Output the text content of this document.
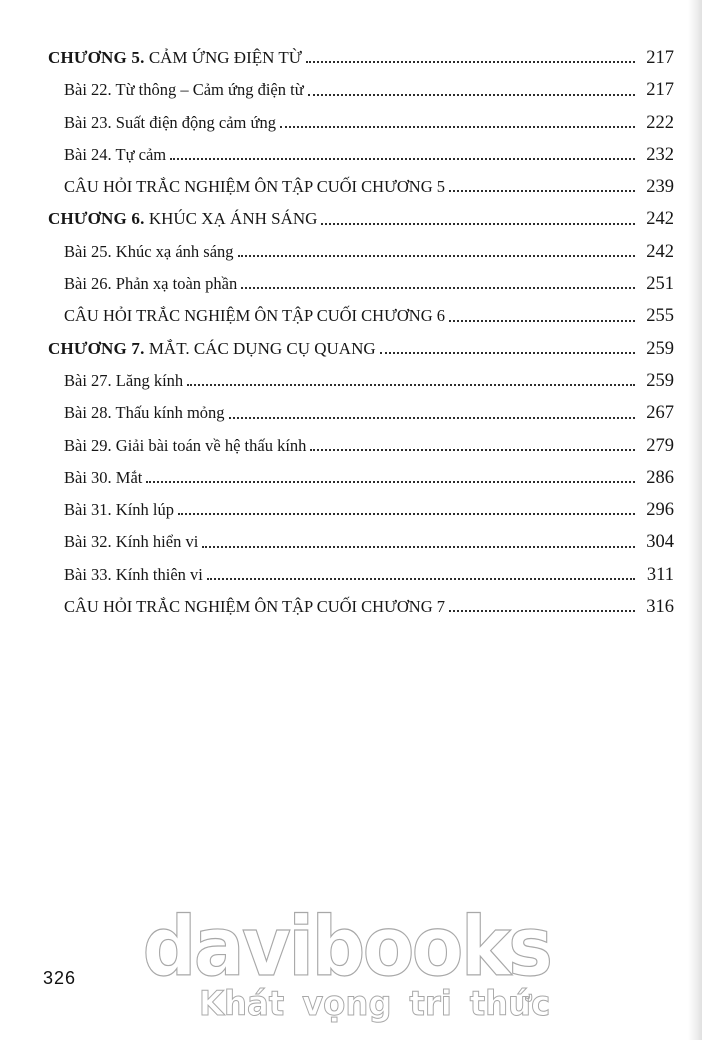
CHƯƠNG 5. CẢM ỨNG ĐIỆN TỪ	217
Bài 22. Từ thông – Cảm ứng điện từ	217
Bài 23. Suất điện động cảm ứng	222
Bài 24. Tự cảm	232
CÂU HỎI TRẮC NGHIỆM ÔN TẬP CUỐI CHƯƠNG 5	239
CHƯƠNG 6. KHÚC XẠ ÁNH SÁNG	242
Bài 25. Khúc xạ ánh sáng	242
Bài 26. Phản xạ toàn phần	251
CÂU HỎI TRẮC NGHIỆM ÔN TẬP CUỐI CHƯƠNG 6	255
CHƯƠNG 7. MẮT. CÁC DỤNG CỤ QUANG	259
Bài 27. Lăng kính	259
Bài 28. Thấu kính mỏng	267
Bài 29. Giải bài toán về hệ thấu kính	279
Bài 30. Mắt	286
Bài 31. Kính lúp	296
Bài 32. Kính hiển vi	304
Bài 33. Kính thiên vi	311
CÂU HỎI TRẮC NGHIỆM ÔN TẬP CUỐI CHƯƠNG 7	316
326 davibooks
Khát vọng tri thức
